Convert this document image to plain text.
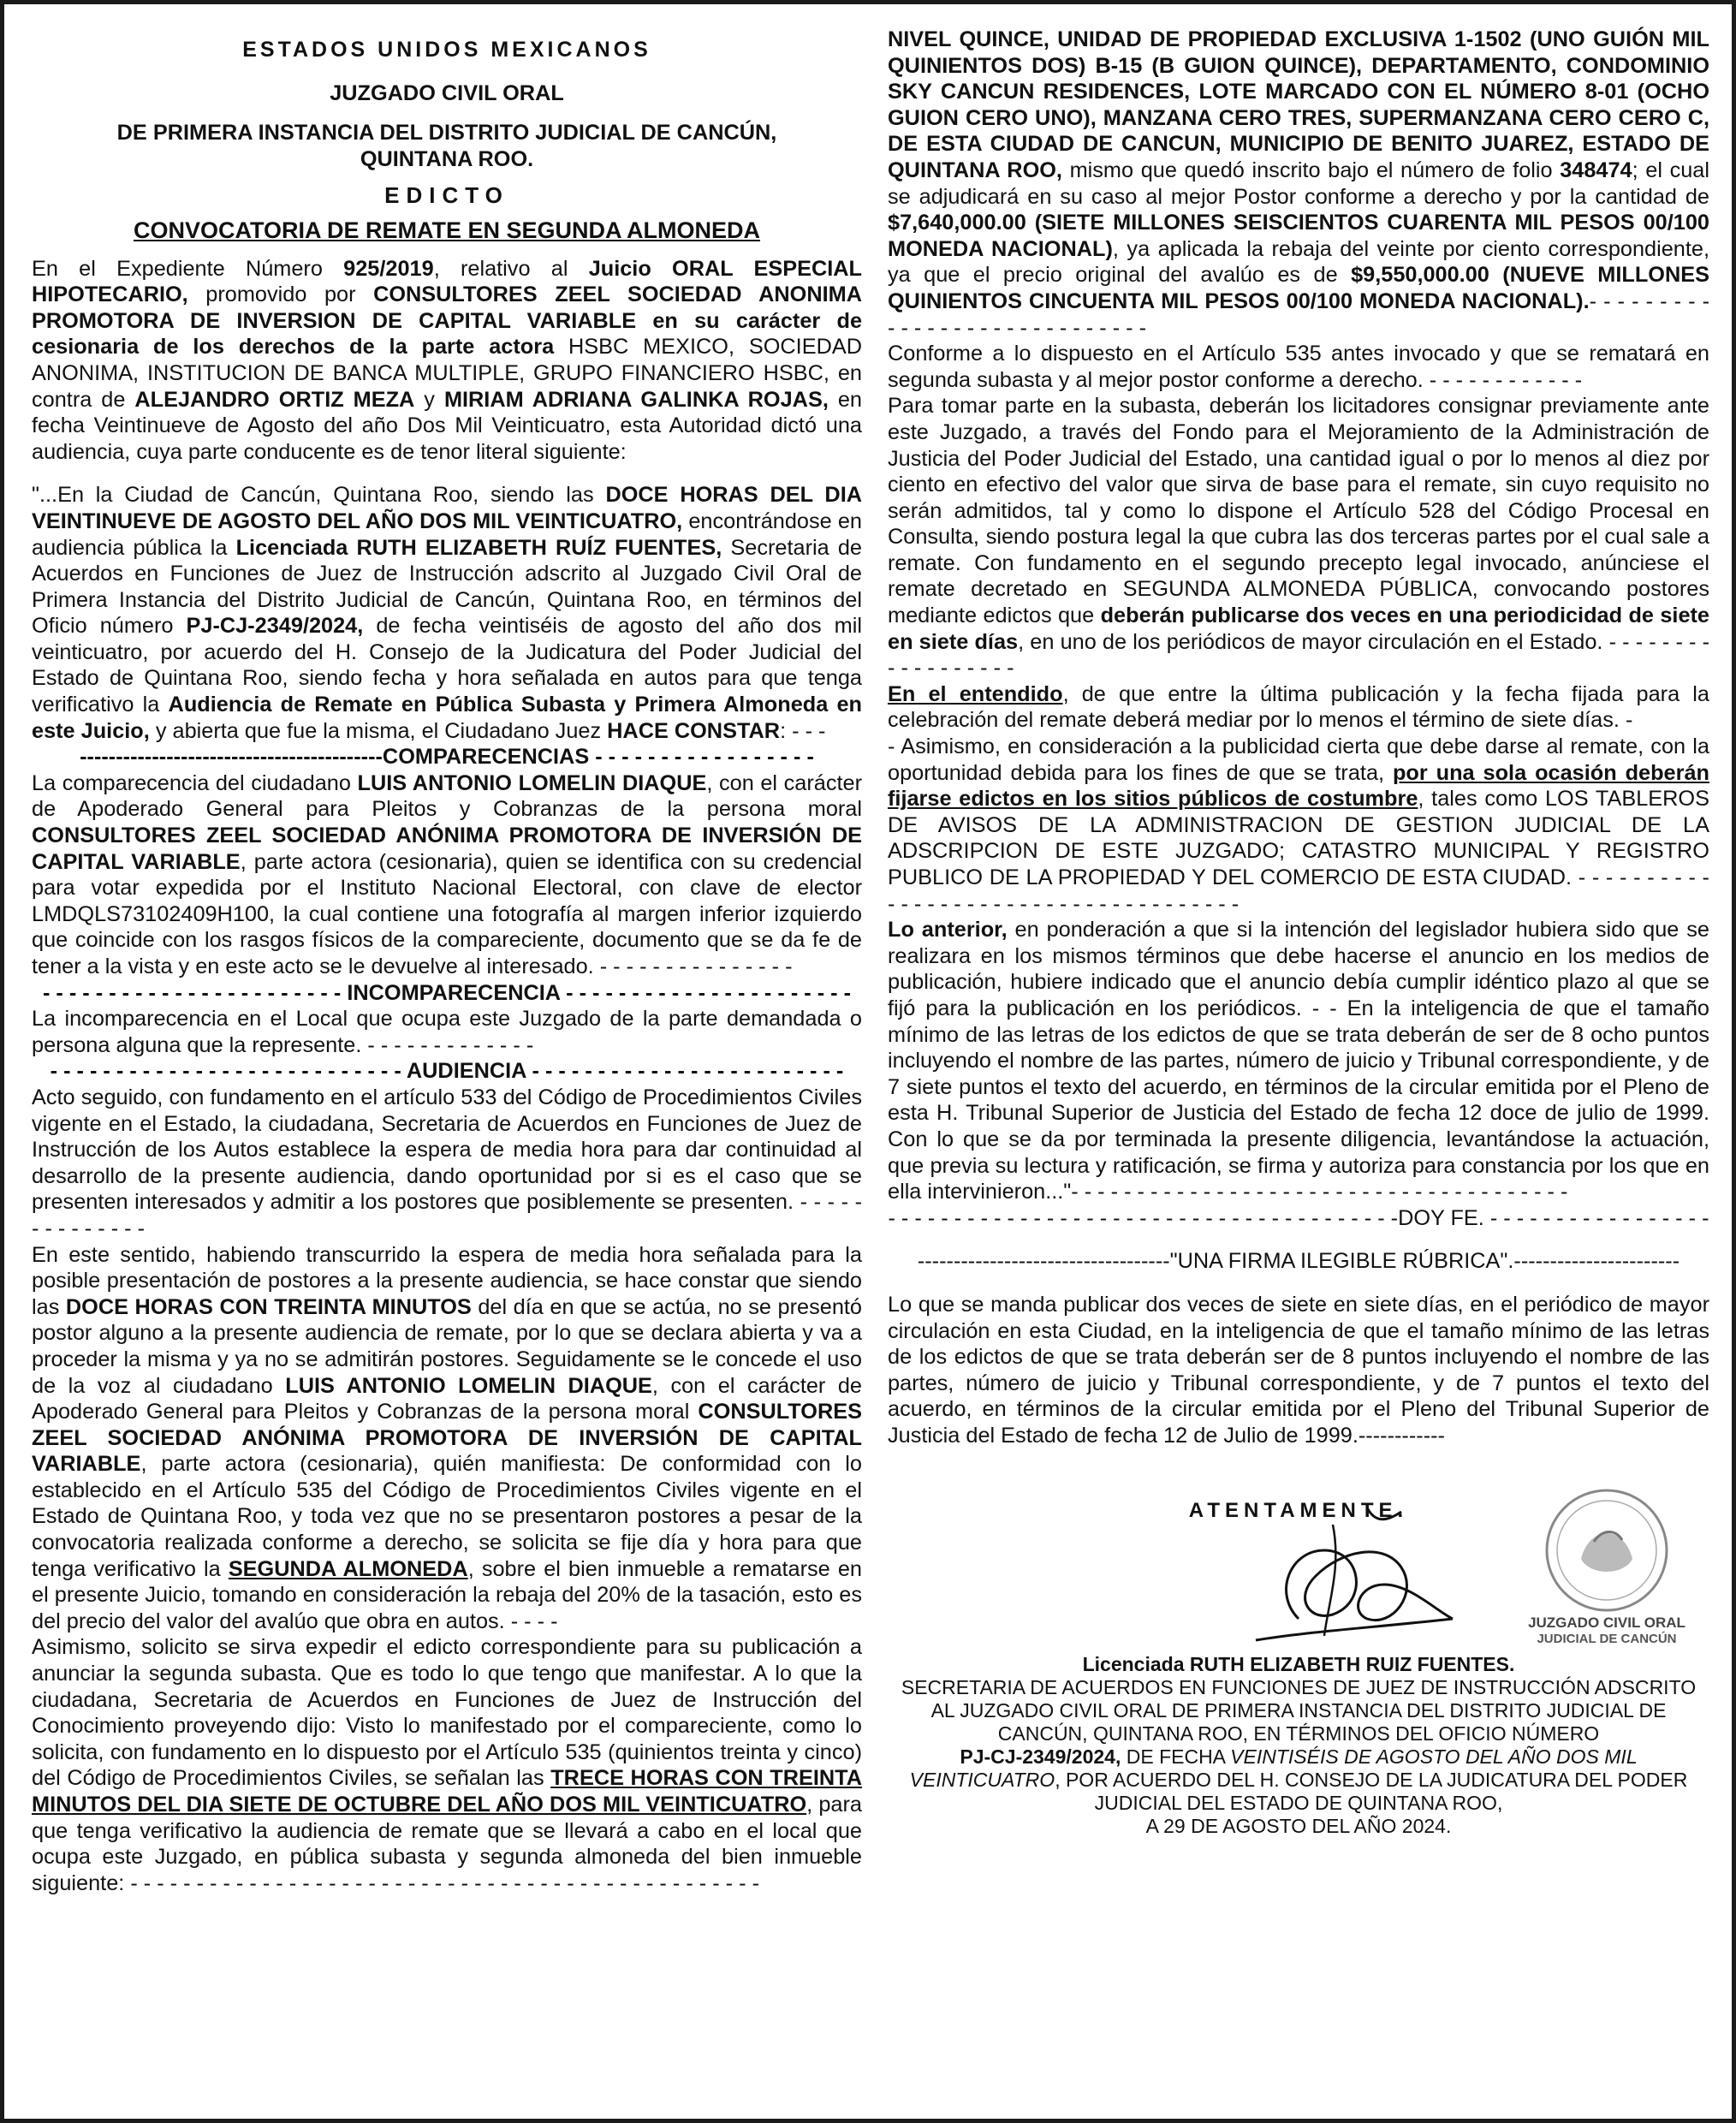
ESTADOS UNIDOS MEXICANOS

JUZGADO CIVIL ORAL

DE PRIMERA INSTANCIA DEL DISTRITO JUDICIAL DE CANCÚN,
QUINTANA ROO.

EDICTO

CONVOCATORIA DE REMATE EN SEGUNDA ALMONEDA

En el Expediente Número 925/2019, relativo al Juicio ORAL ESPECIAL HIPOTECARIO, promovido por CONSULTORES ZEEL SOCIEDAD ANONIMA PROMOTORA DE INVERSION DE CAPITAL VARIABLE en su carácter de cesionaria de los derechos de la parte actora HSBC MEXICO, SOCIEDAD ANONIMA, INSTITUCION DE BANCA MULTIPLE, GRUPO FINANCIERO HSBC, en contra de ALEJANDRO ORTIZ MEZA y MIRIAM ADRIANA GALINKA ROJAS, en fecha Veintinueve de Agosto del año Dos Mil Veinticuatro, esta Autoridad dictó una audiencia, cuya parte conducente es de tenor literal siguiente:

"...En la Ciudad de Cancún, Quintana Roo, siendo las DOCE HORAS DEL DIA VEINTINUEVE DE AGOSTO DEL AÑO DOS MIL VEINTICUATRO, encontrándose en audiencia pública la Licenciada RUTH ELIZABETH RUÍZ FUENTES, Secretaria de Acuerdos en Funciones de Juez de Instrucción adscrito al Juzgado Civil Oral de Primera Instancia del Distrito Judicial de Cancún, Quintana Roo, en términos del Oficio número PJ-CJ-2349/2024, de fecha veintiséis de agosto del año dos mil veinticuatro, por acuerdo del H. Consejo de la Judicatura del Poder Judicial del Estado de Quintana Roo, siendo fecha y hora señalada en autos para que tenga verificativo la Audiencia de Remate en Pública Subasta y Primera Almoneda en este Juicio, y abierta que fue la misma, el Ciudadano Juez HACE CONSTAR: - - -

------------------------------------------COMPARECENCIAS - - - - - - - - - - - - - - - - -

La comparecencia del ciudadano LUIS ANTONIO LOMELIN DIAQUE, con el carácter de Apoderado General para Pleitos y Cobranzas de la persona moral CONSULTORES ZEEL SOCIEDAD ANÓNIMA PROMOTORA DE INVERSIÓN DE CAPITAL VARIABLE, parte actora (cesionaria), quien se identifica con su credencial para votar expedida por el Instituto Nacional Electoral, con clave de elector LMDQLS73102409H100, la cual contiene una fotografía al margen inferior izquierdo que coincide con los rasgos físicos de la compareciente, documento que se da fe de tener a la vista y en este acto se le devuelve al interesado. - - - - - - - - - - - - - - -

- - - - - - - - - - - - - - - - - - - - - - - INCOMPARECENCIA - - - - - - - - - - - - - - - - - - - - - -

La incomparecencia en el Local que ocupa este Juzgado de la parte demandada o persona alguna que la represente. - - - - - - - - - - - - -

- - - - - - - - - - - - - - - - - - - - - - - - - - - AUDIENCIA - - - - - - - - - - - - - - - - - - - - - - - -

Acto seguido, con fundamento en el artículo 533 del Código de Procedimientos Civiles vigente en el Estado, la ciudadana, Secretaria de Acuerdos en Funciones de Juez de Instrucción de los Autos establece la espera de media hora para dar continuidad al desarrollo de la presente audiencia, dando oportunidad por si es el caso que se presenten interesados y admitir a los postores que posiblemente se presenten. - - - - - - - - - - - - - -

En este sentido, habiendo transcurrido la espera de media hora señalada para la posible presentación de postores a la presente audiencia, se hace constar que siendo las DOCE HORAS CON TREINTA MINUTOS del día en que se actúa, no se presentó postor alguno a la presente audiencia de remate, por lo que se declara abierta y va a proceder la misma y ya no se admitirán postores. Seguidamente se le concede el uso de la voz al ciudadano LUIS ANTONIO LOMELIN DIAQUE, con el carácter de Apoderado General para Pleitos y Cobranzas de la persona moral CONSULTORES ZEEL SOCIEDAD ANÓNIMA PROMOTORA DE INVERSIÓN DE CAPITAL VARIABLE, parte actora (cesionaria), quién manifiesta: De conformidad con lo establecido en el Artículo 535 del Código de Procedimientos Civiles vigente en el Estado de Quintana Roo, y toda vez que no se presentaron postores a pesar de la convocatoria realizada conforme a derecho, se solicita se fije día y hora para que tenga verificativo la SEGUNDA ALMONEDA, sobre el bien inmueble a rematarse en el presente Juicio, tomando en consideración la rebaja del 20% de la tasación, esto es del precio del valor del avalúo que obra en autos. - - - -

Asimismo, solicito se sirva expedir el edicto correspondiente para su publicación a anunciar la segunda subasta. Que es todo lo que tengo que manifestar. A lo que la ciudadana, Secretaria de Acuerdos en Funciones de Juez de Instrucción del Conocimiento proveyendo dijo: Visto lo manifestado por el compareciente, como lo solicita, con fundamento en lo dispuesto por el Artículo 535 (quinientos treinta y cinco) del Código de Procedimientos Civiles, se señalan las TRECE HORAS CON TREINTA MINUTOS DEL DIA SIETE DE OCTUBRE DEL AÑO DOS MIL VEINTICUATRO, para que tenga verificativo la audiencia de remate que se llevará a cabo en el local que ocupa este Juzgado, en pública subasta y segunda almoneda del bien inmueble siguiente: - - - - - - - - - - - - - - - - - - - - - - - - - - - - - - - - - - - - - - - - - - - - - - - -

NIVEL QUINCE, UNIDAD DE PROPIEDAD EXCLUSIVA 1-1502 (UNO GUIÓN MIL QUINIENTOS DOS) B-15 (B GUION QUINCE), DEPARTAMENTO, CONDOMINIO SKY CANCUN RESIDENCES, LOTE MARCADO CON EL NÚMERO 8-01 (OCHO GUION CERO UNO), MANZANA CERO TRES, SUPERMANZANA CERO CERO C, DE ESTA CIUDAD DE CANCUN, MUNICIPIO DE BENITO JUAREZ, ESTADO DE QUINTANA ROO, mismo que quedó inscrito bajo el número de folio 348474; el cual se adjudicará en su caso al mejor Postor conforme a derecho y por la cantidad de $7,640,000.00 (SIETE MILLONES SEISCIENTOS CUARENTA MIL PESOS 00/100 MONEDA NACIONAL), ya aplicada la rebaja del veinte por ciento correspondiente, ya que el precio original del avalúo es de $9,550,000.00 (NUEVE MILLONES QUINIENTOS CINCUENTA MIL PESOS 00/100 MONEDA NACIONAL).- - - - - - - - - - - - - - - - - - - - - - - - - - - - -

Conforme a lo dispuesto en el Artículo 535 antes invocado y que se rematará en segunda subasta y al mejor postor conforme a derecho. - - - - - - - - - - - -

Para tomar parte en la subasta, deberán los licitadores consignar previamente ante este Juzgado, a través del Fondo para el Mejoramiento de la Administración de Justicia del Poder Judicial del Estado, una cantidad igual o por lo menos al diez por ciento en efectivo del valor que sirva de base para el remate, sin cuyo requisito no serán admitidos, tal y como lo dispone el Artículo 528 del Código Procesal en Consulta, siendo postura legal la que cubra las dos terceras partes por el cual sale a remate. Con fundamento en el segundo precepto legal invocado, anúnciese el remate decretado en SEGUNDA ALMONEDA PÚBLICA, convocando postores mediante edictos que deberán publicarse dos veces en una periodicidad de siete en siete días, en uno de los periódicos de mayor circulación en el Estado. - - - - - - - - - - - - - - - - - -

En el entendido, de que entre la última publicación y la fecha fijada para la celebración del remate deberá mediar por lo menos el término de siete días. -

- Asimismo, en consideración a la publicidad cierta que debe darse al remate, con la oportunidad debida para los fines de que se trata, por una sola ocasión deberán fijarse edictos en los sitios públicos de costumbre, tales como LOS TABLEROS DE AVISOS DE LA ADMINISTRACION DE GESTION JUDICIAL DE LA ADSCRIPCION DE ESTE JUZGADO; CATASTRO MUNICIPAL Y REGISTRO PUBLICO DE LA PROPIEDAD Y DEL COMERCIO DE ESTA CIUDAD. - - - - - - - - - - - - - - - - - - - - - - - - - - - - - - - - - - - - -

Lo anterior, en ponderación a que si la intención del legislador hubiera sido que se realizara en los mismos términos que debe hacerse el anuncio en los medios de publicación, hubiere indicado que el anuncio debía cumplir idéntico plazo al que se fijó para la publicación en los periódicos. - - En la inteligencia de que el tamaño mínimo de las letras de los edictos de que se trata deberán de ser de 8 ocho puntos incluyendo el nombre de las partes, número de juicio y Tribunal correspondiente, y de 7 siete puntos el texto del acuerdo, en términos de la circular emitida por el Pleno de esta H. Tribunal Superior de Justicia del Estado de fecha 12 doce de julio de 1999. Con lo que se da por terminada la presente diligencia, levantándose la actuación, que previa su lectura y ratificación, se firma y autoriza para constancia por los que en ella intervinieron..."- - - - - - - - - - - - - - - - - - - - - - - - - - - - - - - - - - - - - -

- - - - - - - - - - - - - - - - - - - - - - - - - - - - - - - - - - - - - - -DOY FE. - - - - - - - - - - - - - - - - -

-----------------------------------"UNA FIRMA ILEGIBLE RÚBRICA".-----------------------

Lo que se manda publicar dos veces de siete en siete días, en el periódico de mayor circulación en esta Ciudad, en la inteligencia de que el tamaño mínimo de las letras de los edictos de que se trata deberán ser de 8 puntos incluyendo el nombre de las partes, número de juicio y Tribunal correspondiente, y de 7 puntos el texto del acuerdo, en términos de la circular emitida por el Pleno del Tribunal Superior de Justicia del Estado de fecha 12 de Julio de 1999.------------

ATENTAMENTE.

JUZGADO CIVIL ORAL
JUDICIAL DE CANCÚN

Licenciada RUTH ELIZABETH RUIZ FUENTES.

SECRETARIA DE ACUERDOS EN FUNCIONES DE JUEZ DE INSTRUCCIÓN ADSCRITO AL JUZGADO CIVIL ORAL DE PRIMERA INSTANCIA DEL DISTRITO JUDICIAL DE CANCÚN, QUINTANA ROO, EN TÉRMINOS DEL OFICIO NÚMERO

PJ-CJ-2349/2024, DE FECHA VEINTISÉIS DE AGOSTO DEL AÑO DOS MIL VEINTICUATRO, POR ACUERDO DEL H. CONSEJO DE LA JUDICATURA DEL PODER JUDICIAL DEL ESTADO DE QUINTANA ROO,

A 29 DE AGOSTO DEL AÑO 2024.
